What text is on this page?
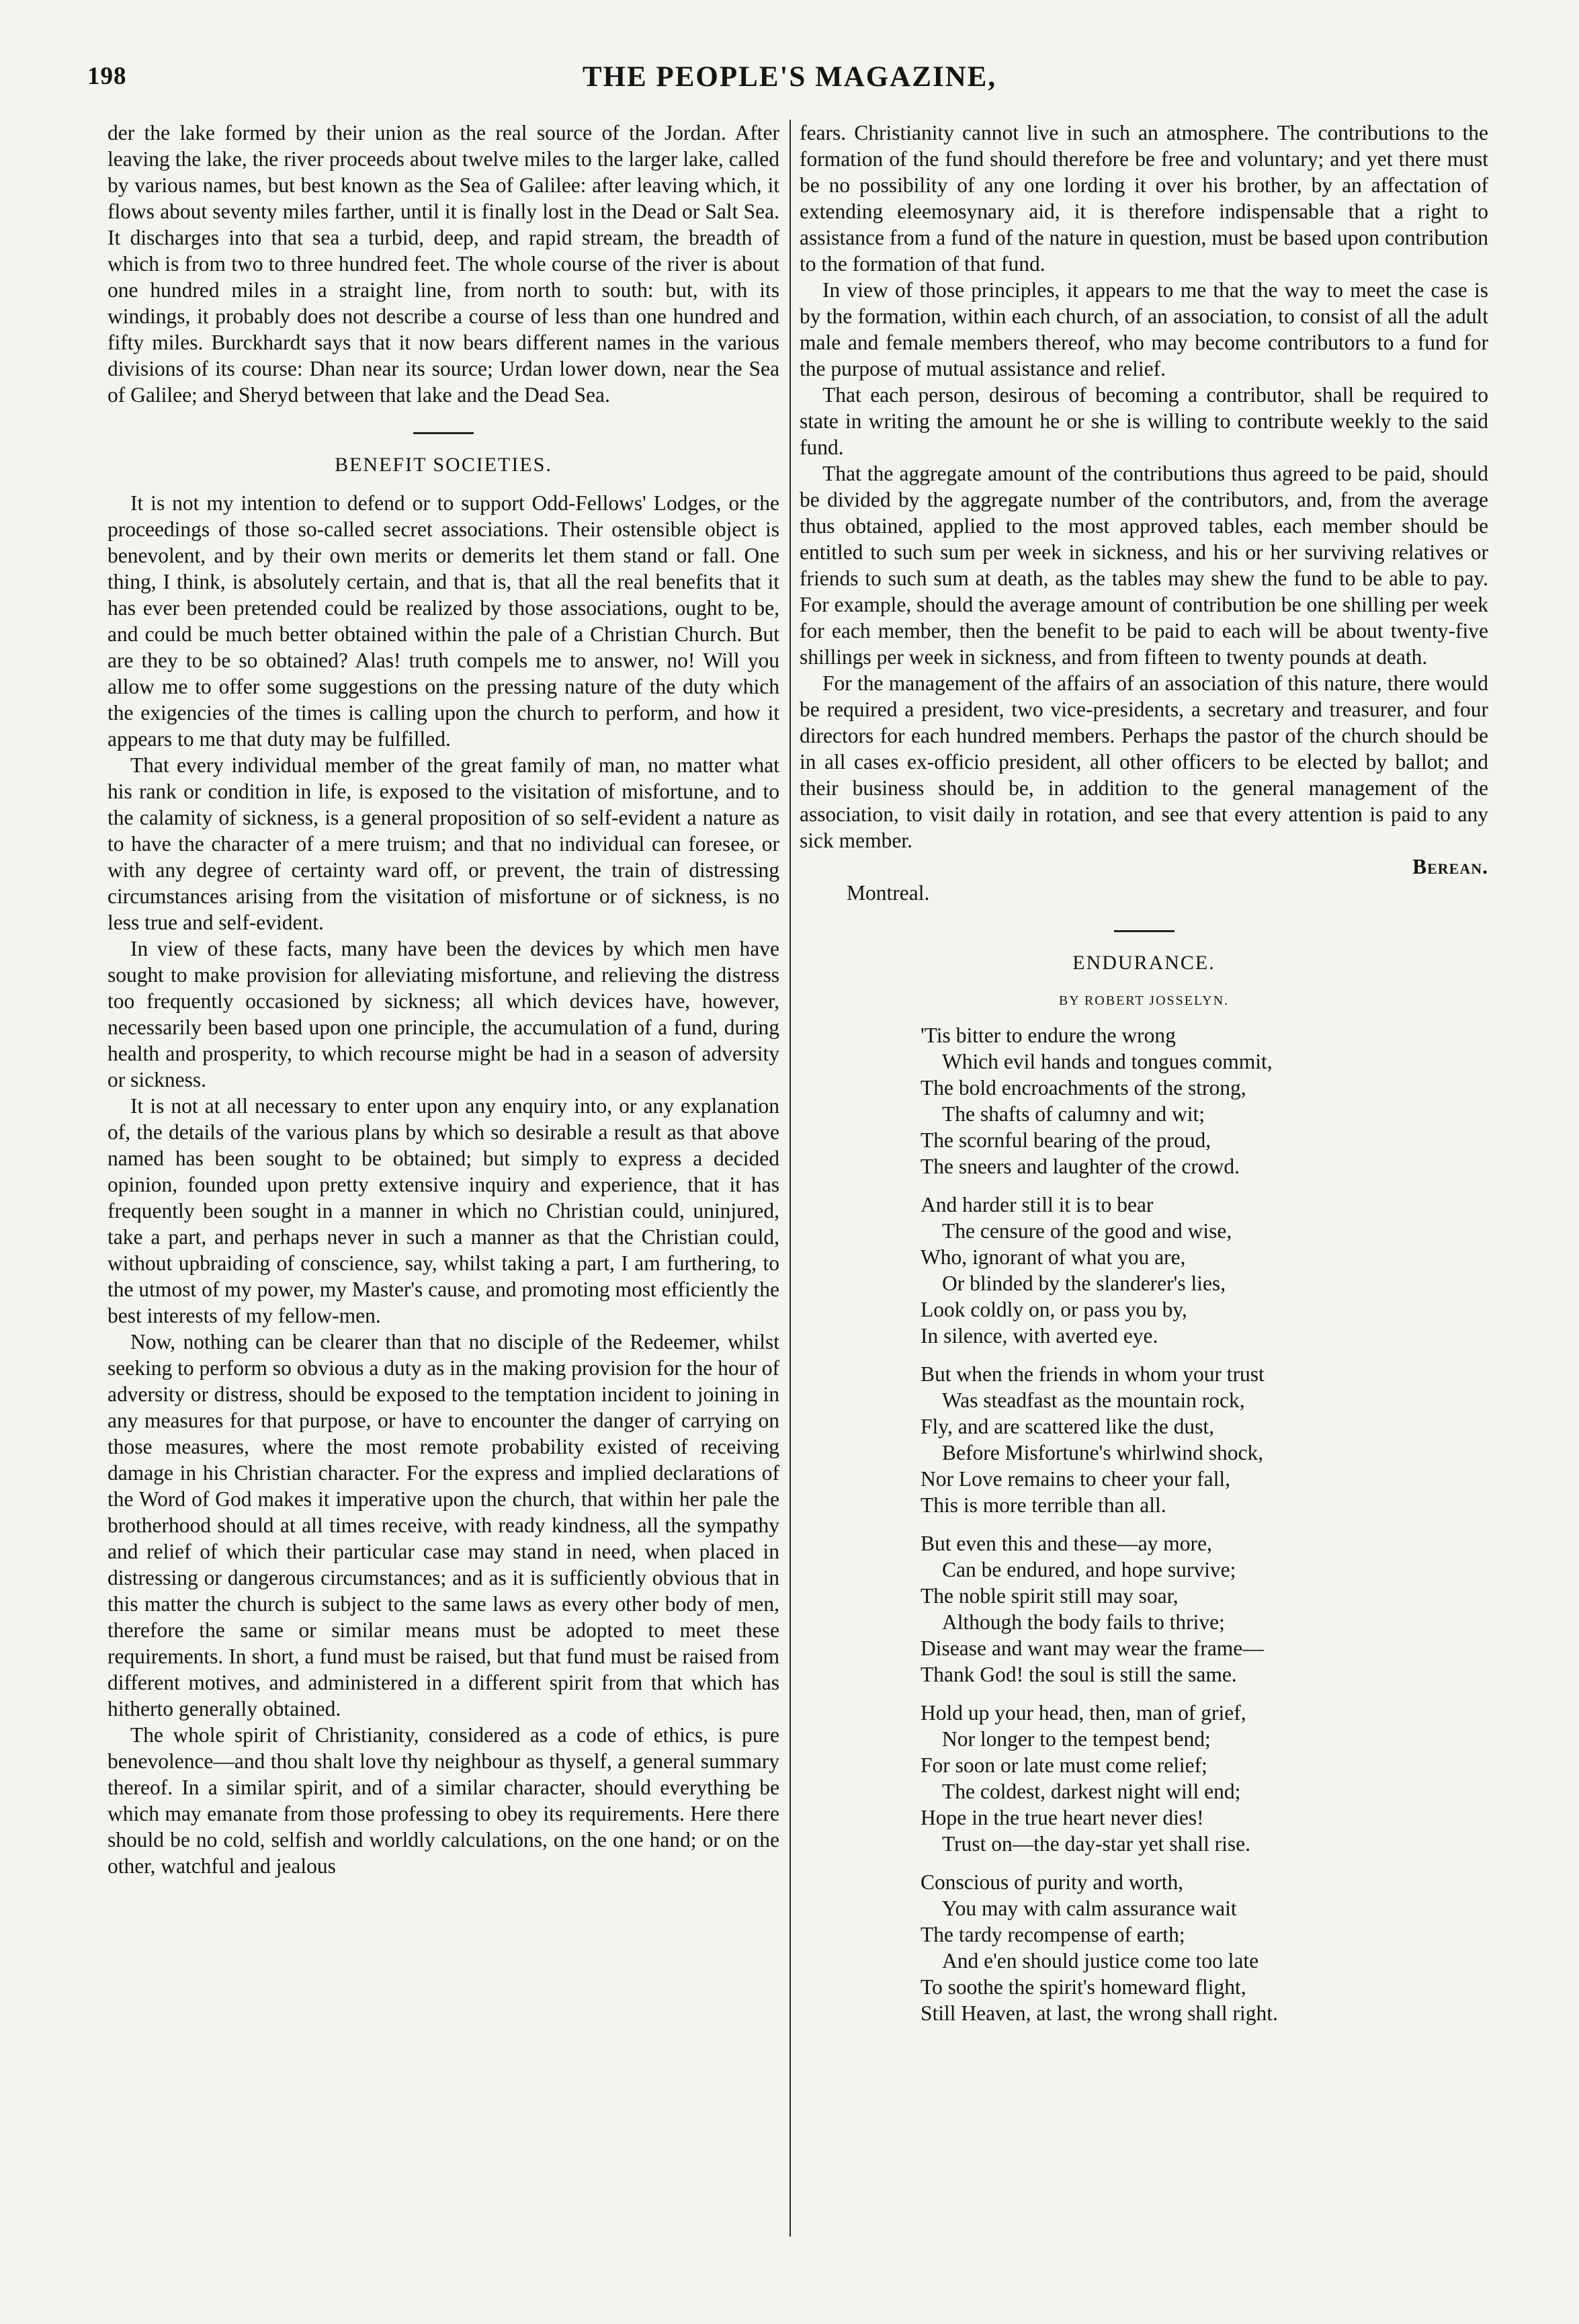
198	THE PEOPLE'S MAGAZINE,

der the lake formed by their union as the real source of the Jordan. After leaving the lake, the river proceeds about twelve miles to the larger lake, called by various names, but best known as the Sea of Galilee: after leaving which, it flows about seventy miles farther, until it is finally lost in the Dead or Salt Sea. It discharges into that sea a turbid, deep, and rapid stream, the breadth of which is from two to three hundred feet. The whole course of the river is about one hundred miles in a straight line, from north to south: but, with its windings, it probably does not describe a course of less than one hundred and fifty miles. Burckhardt says that it now bears different names in the various divisions of its course: Dhan near its source; Urdan lower down, near the Sea of Galilee; and Sheryd between that lake and the Dead Sea.

BENEFIT SOCIETIES.

It is not my intention to defend or to support Odd-Fellows' Lodges, or the proceedings of those so-called secret associations. Their ostensible object is benevolent, and by their own merits or demerits let them stand or fall. One thing, I think, is absolutely certain, and that is, that all the real benefits that it has ever been pretended could be realized by those associations, ought to be, and could be much better obtained within the pale of a Christian Church. But are they to be so obtained? Alas! truth compels me to answer, no! Will you allow me to offer some suggestions on the pressing nature of the duty which the exigencies of the times is calling upon the church to perform, and how it appears to me that duty may be fulfilled.

That every individual member of the great family of man, no matter what his rank or condition in life, is exposed to the visitation of misfortune, and to the calamity of sickness, is a general proposition of so self-evident a nature as to have the character of a mere truism; and that no individual can foresee, or with any degree of certainty ward off, or prevent, the train of distressing circumstances arising from the visitation of misfortune or of sickness, is no less true and self-evident.

In view of these facts, many have been the devices by which men have sought to make provision for alleviating misfortune, and relieving the distress too frequently occasioned by sickness; all which devices have, however, necessarily been based upon one principle, the accumulation of a fund, during health and prosperity, to which recourse might be had in a season of adversity or sickness.

It is not at all necessary to enter upon any enquiry into, or any explanation of, the details of the various plans by which so desirable a result as that above named has been sought to be obtained; but simply to express a decided opinion, founded upon pretty extensive inquiry and experience, that it has frequently been sought in a manner in which no Christian could, uninjured, take a part, and perhaps never in such a manner as that the Christian could, without upbraiding of conscience, say, whilst taking a part, I am furthering, to the utmost of my power, my Master's cause, and promoting most efficiently the best interests of my fellow-men.

Now, nothing can be clearer than that no disciple of the Redeemer, whilst seeking to perform so obvious a duty as in the making provision for the hour of adversity or distress, should be exposed to the temptation incident to joining in any measures for that purpose, or have to encounter the danger of carrying on those measures, where the most remote probability existed of receiving damage in his Christian character. For the express and implied declarations of the Word of God makes it imperative upon the church, that within her pale the brotherhood should at all times receive, with ready kindness, all the sympathy and relief of which their particular case may stand in need, when placed in distressing or dangerous circumstances; and as it is sufficiently obvious that in this matter the church is subject to the same laws as every other body of men, therefore the same or similar means must be adopted to meet these requirements. In short, a fund must be raised, but that fund must be raised from different motives, and administered in a different spirit from that which has hitherto generally obtained.

The whole spirit of Christianity, considered as a code of ethics, is pure benevolence—and thou shalt love thy neighbour as thyself, a general summary thereof. In a similar spirit, and of a similar character, should everything be which may emanate from those professing to obey its requirements. Here there should be no cold, selfish and worldly calculations, on the one hand; or on the other, watchful and jealous

fears. Christianity cannot live in such an atmosphere. The contributions to the formation of the fund should therefore be free and voluntary; and yet there must be no possibility of any one lording it over his brother, by an affectation of extending eleemosynary aid, it is therefore indispensable that a right to assistance from a fund of the nature in question, must be based upon contribution to the formation of that fund.

In view of those principles, it appears to me that the way to meet the case is by the formation, within each church, of an association, to consist of all the adult male and female members thereof, who may become contributors to a fund for the purpose of mutual assistance and relief.

That each person, desirous of becoming a contributor, shall be required to state in writing the amount he or she is willing to contribute weekly to the said fund.

That the aggregate amount of the contributions thus agreed to be paid, should be divided by the aggregate number of the contributors, and, from the average thus obtained, applied to the most approved tables, each member should be entitled to such sum per week in sickness, and his or her surviving relatives or friends to such sum at death, as the tables may shew the fund to be able to pay. For example, should the average amount of contribution be one shilling per week for each member, then the benefit to be paid to each will be about twenty-five shillings per week in sickness, and from fifteen to twenty pounds at death.

For the management of the affairs of an association of this nature, there would be required a president, two vice-presidents, a secretary and treasurer, and four directors for each hundred members. Perhaps the pastor of the church should be in all cases ex-officio president, all other officers to be elected by ballot; and their business should be, in addition to the general management of the association, to visit daily in rotation, and see that every attention is paid to any sick member.

Berean.

Montreal.

ENDURANCE.
BY ROBERT JOSSELYN.
'Tis bitter to endure the wrong
Which evil hands and tongues commit,
The bold encroachments of the strong,
The shafts of calumny and wit;
The scornful bearing of the proud,
The sneers and laughter of the crowd.
And harder still it is to bear
The censure of the good and wise,
Who, ignorant of what you are,
Or blinded by the slanderer's lies,
Look coldly on, or pass you by,
In silence, with averted eye.
But when the friends in whom your trust
Was steadfast as the mountain rock,
Fly, and are scattered like the dust,
Before Misfortune's whirlwind shock,
Nor Love remains to cheer your fall,
This is more terrible than all.
But even this and these—ay more,
Can be endured, and hope survive;
The noble spirit still may soar,
Although the body fails to thrive;
Disease and want may wear the frame—
Thank God! the soul is still the same.
Hold up your head, then, man of grief,
Nor longer to the tempest bend;
For soon or late must come relief;
The coldest, darkest night will end;
Hope in the true heart never dies!
Trust on—the day-star yet shall rise.
Conscious of purity and worth,
You may with calm assurance wait
The tardy recompense of earth;
And e'en should justice come too late
To soothe the spirit's homeward flight,
Still Heaven, at last, the wrong shall right.
